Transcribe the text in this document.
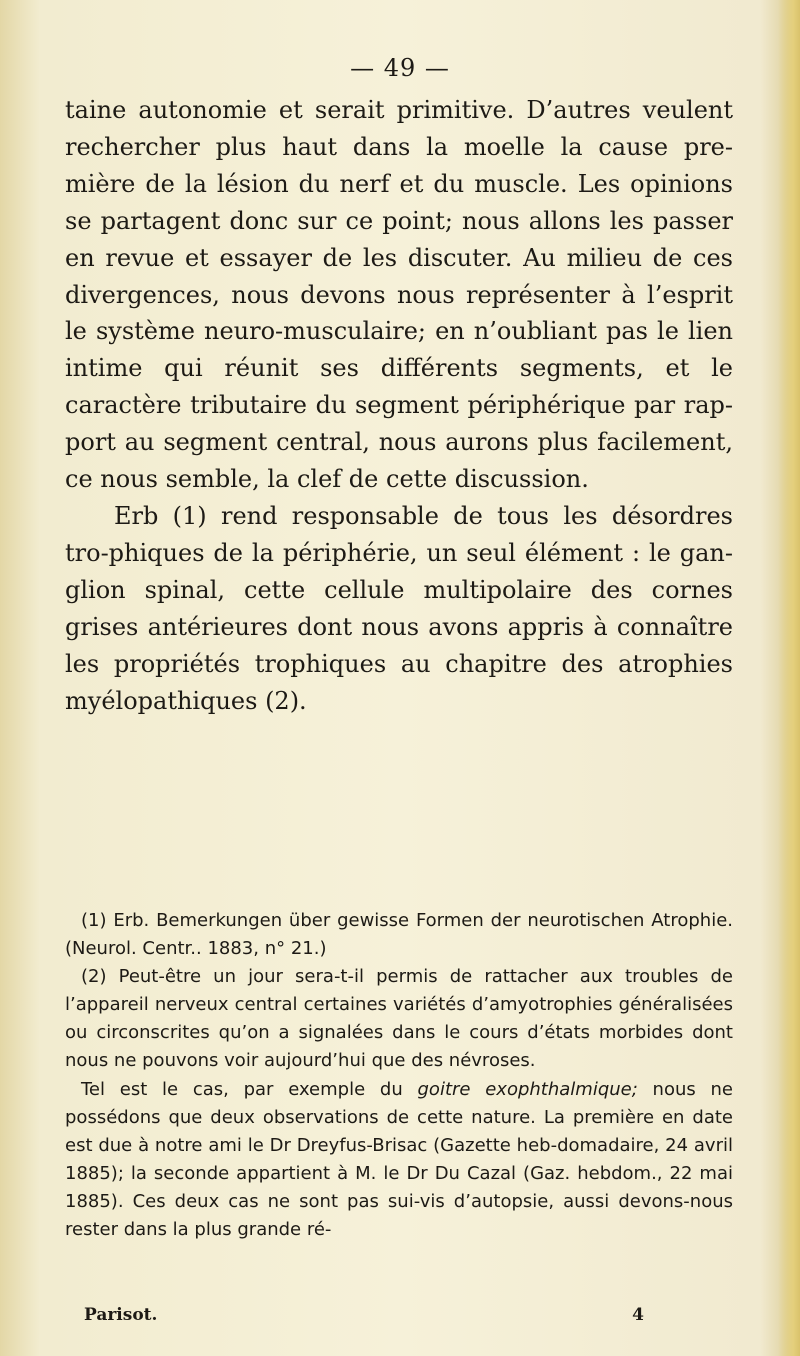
— 49 —

taine autonomie et serait primitive. D’autres veulent rechercher plus haut dans la moelle la cause pre-mière de la lésion du nerf et du muscle. Les opinions se partagent donc sur ce point; nous allons les passer en revue et essayer de les discuter. Au milieu de ces divergences, nous devons nous représenter à l’esprit le système neuro-musculaire; en n’oubliant pas le lien intime qui réunit ses différents segments, et le caractère tributaire du segment périphérique par rap-port au segment central, nous aurons plus facilement, ce nous semble, la clef de cette discussion.

Erb (1) rend responsable de tous les désordres tro-phiques de la périphérie, un seul élément : le gan-glion spinal, cette cellule multipolaire des cornes grises antérieures dont nous avons appris à connaître les propriétés trophiques au chapitre des atrophies myélopathiques (2).

(1) Erb. Bemerkungen über gewisse Formen der neurotischen Atrophie. (Neurol. Centr.. 1883, n° 21.)

(2) Peut-être un jour sera-t-il permis de rattacher aux troubles de l’appareil nerveux central certaines variétés d’amyotrophies généralisées ou circonscrites qu’on a signalées dans le cours d’états morbides dont nous ne pouvons voir aujourd’hui que des névroses.

Tel est le cas, par exemple du goitre exophthalmique; nous ne possédons que deux observations de cette nature. La première en date est due à notre ami le Dr Dreyfus-Brisac (Gazette heb-domadaire, 24 avril 1885); la seconde appartient à M. le Dr Du Cazal (Gaz. hebdom., 22 mai 1885). Ces deux cas ne sont pas sui-vis d’autopsie, aussi devons-nous rester dans la plus grande ré-

Parisot.	4
